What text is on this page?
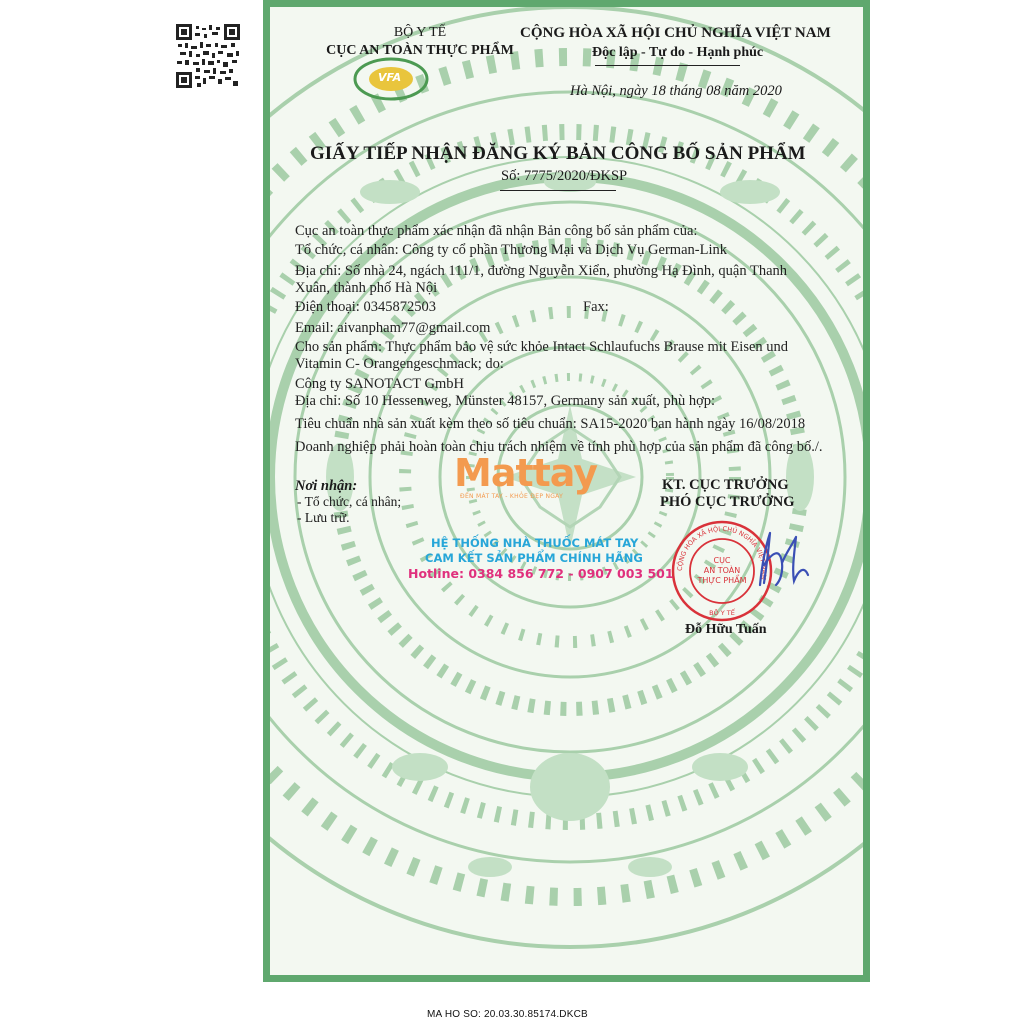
BỘ Y TẾ
CỤC AN TOÀN THỰC PHẨM
VFA
CỘNG HÒA XÃ HỘI CHỦ NGHĨA VIỆT NAM
Độc lập - Tự do - Hạnh phúc
Hà Nội, ngày 18 tháng 08 năm 2020
GIẤY TIẾP NHẬN ĐĂNG KÝ BẢN CÔNG BỐ SẢN PHẨM
Số: 7775/2020/ĐKSP
Cục an toàn thực phẩm xác nhận đã nhận Bản công bố sản phẩm của:
Tổ chức, cá nhân: Công ty cổ phần Thương Mại và Dịch Vụ German-Link
Địa chỉ: Số nhà 24, ngách 111/1, đường Nguyễn Xiển, phường Hạ Đình, quận Thanh
Xuân, thành phố Hà Nội
Điện thoại: 0345872503	Fax:
Email: aivanpham77@gmail.com
Cho sản phẩm: Thực phẩm bảo vệ sức khỏe Intact Schlaufuchs Brause mit Eisen und
Vitamin C- Orangengeschmack; do:
Công ty SANOTACT GmbH
Địa chỉ: Số 10 Hessenweg, Münster 48157, Germany sản xuất, phù hợp:
Tiêu chuẩn nhà sản xuất kèm theo số tiêu chuẩn: SA15-2020 ban hành ngày 16/08/2018
Doanh nghiệp phải hoàn toàn chịu trách nhiệm về tính phù hợp của sản phẩm đã công bố./.
Nơi nhận:
- Tổ chức, cá nhân;
- Lưu trữ.
KT. CỤC TRƯỞNG
PHÓ CỤC TRƯỞNG
Đỗ Hữu Tuấn
CỘNG HÒA XÃ HỘI CHỦ NGHĨA VIỆT NAM
CỤC
AN TOÀN
THỰC PHẨM
BỘ Y TẾ
Mattay
ĐẾN MÁT TAY - KHỎE ĐẸP NGAY
HỆ THỐNG NHÀ THUỐC MÁT TAY
CAM KẾT SẢN PHẨM CHÍNH HÃNG
Hotline: 0384 856 772 - 0907 003 501
MA HO SO: 20.03.30.85174.DKCB
